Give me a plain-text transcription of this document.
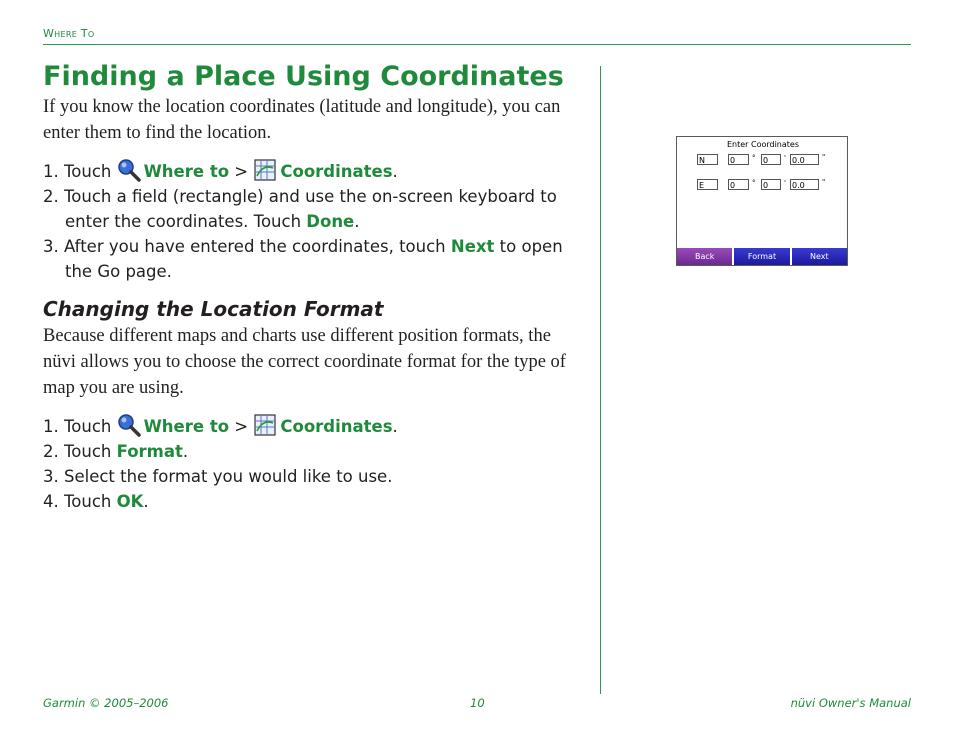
Where To
Finding a Place Using Coordinates

If you know the location coordinates (latitude and longitude), you can enter them to find the location.

1. Touch Where to > Coordinates.
2. Touch a field (rectangle) and use the on-screen keyboard to enter the coordinates. Touch Done.
3. After you have entered the coordinates, touch Next to open the Go page.
Changing the Location Format

Because different maps and charts use different position formats, the nüvi allows you to choose the correct coordinate format for the type of map you are using.

1. Touch Where to > Coordinates.
2. Touch Format.
3. Select the format you would like to use.
4. Touch OK.
Enter Coordinates
N	0	° 0	' 0.0	"
E	0	° 0	' 0.0	"
Back	Format	Next
Garmin © 2005–2006	10	nüvi Owner's Manual
